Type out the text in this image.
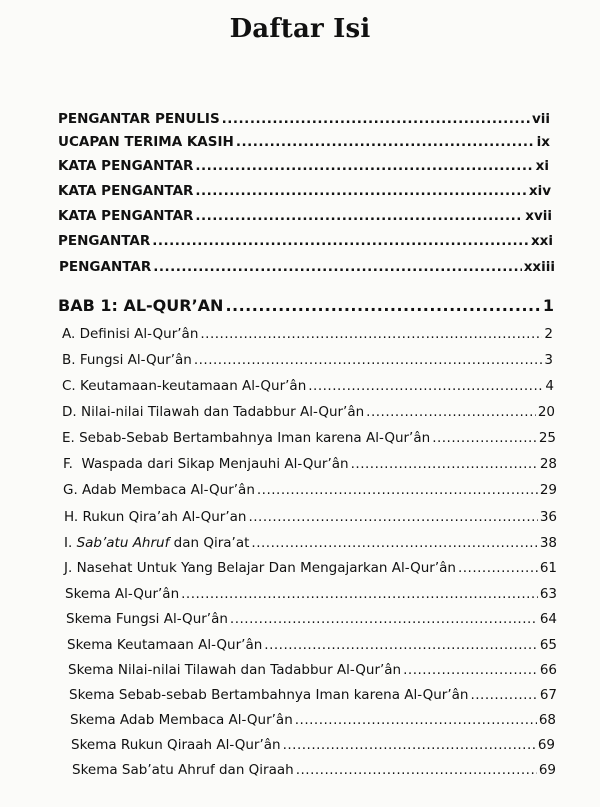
Daftar Isi
PENGANTAR PENULIS .....	vii
UCAPAN TERIMA KASIH .....	ix
KATA PENGANTAR .....	xi
KATA PENGANTAR .....	xiv
KATA PENGANTAR .....	xvii
PENGANTAR .....	xxi
PENGANTAR .....	xxiii
BAB 1: AL-QUR’AN .....	1
A. Definisi Al-Qur’ân .....	2
B. Fungsi Al-Qur’ân .....	3
C. Keutamaan-keutamaan Al-Qur’ân .....	4
D. Nilai-nilai Tilawah dan Tadabbur Al-Qur’ân .....	20
E. Sebab-Sebab Bertambahnya Iman karena Al-Qur’ân .....	25
F.  Waspada dari Sikap Menjauhi Al-Qur’ân .....	28
G. Adab Membaca Al-Qur’ân .....	29
H. Rukun Qira’ah Al-Qur’an .....	36
I. Sab’atu Ahruf dan Qira’at .....	38
J. Nasehat Untuk Yang Belajar Dan Mengajarkan Al-Qur’ân .....	61
Skema Al-Qur’ân .....	63
Skema Fungsi Al-Qur’ân .....	64
Skema Keutamaan Al-Qur’ân .....	65
Skema Nilai-nilai Tilawah dan Tadabbur Al-Qur’ân .....	66
Skema Sebab-sebab Bertambahnya Iman karena Al-Qur’ân .....	67
Skema Adab Membaca Al-Qur’ân .....	68
Skema Rukun Qiraah Al-Qur’ân .....	69
Skema Sab’atu Ahruf dan Qiraah .....	69
